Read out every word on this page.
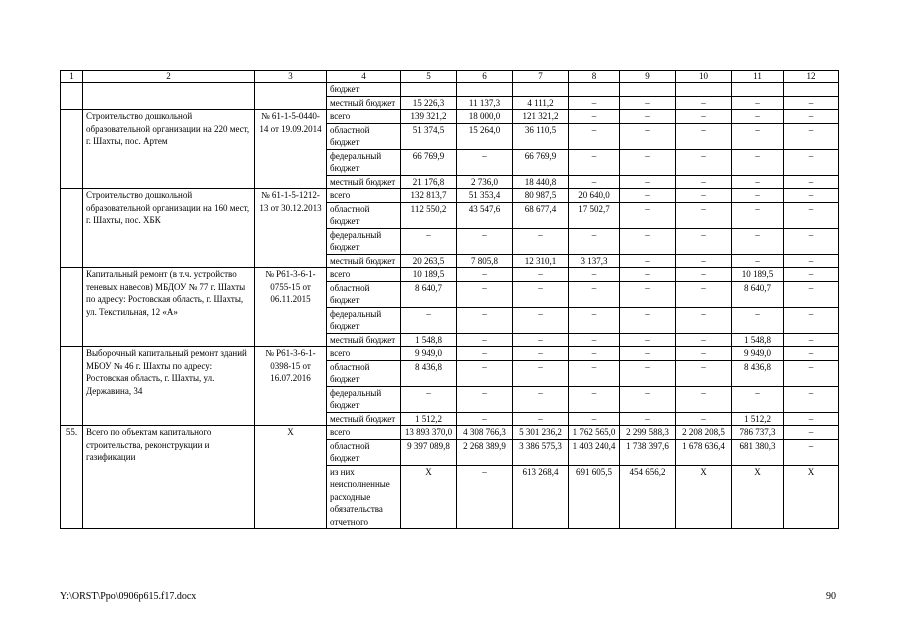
1	2	3	4	5	6	7	8	9	10	11	12
			бюджет								
			местный бюджет	15 226,3	11 137,3	4 111,2	–	–	–	–	–
	Строительство дошкольной образовательной организации на 220 мест, г. Шахты, пос. Артем	№ 61-1-5-0440-14 от 19.09.2014	всего	139 321,2	18 000,0	121 321,2	–	–	–	–	–
			областной бюджет	51 374,5	15 264,0	36 110,5	–	–	–	–	–
			федеральный бюджет	66 769,9	–	66 769,9	–	–	–	–	–
			местный бюджет	21 176,8	2 736,0	18 440,8	–	–	–	–	–
	Строительство дошкольной образовательной организации на 160 мест, г. Шахты, пос. ХБК	№ 61-1-5-1212-13 от 30.12.2013	всего	132 813,7	51 353,4	80 987,5	20 640,0	–	–	–	–
			областной бюджет	112 550,2	43 547,6	68 677,4	17 502,7	–	–	–	–
			федеральный бюджет	–	–	–	–	–	–	–	–
			местный бюджет	20 263,5	7 805,8	12 310,1	3 137,3	–	–	–	–
	Капитальный ремонт (в т.ч. устройство теневых навесов) МБДОУ № 77 г. Шахты по адресу: Ростовская область, г. Шахты, ул. Текстильная, 12 «А»	№ Р61-3-6-1-0755-15 от 06.11.2015	всего	10 189,5	–	–	–	–	–	10 189,5	–
			областной бюджет	8 640,7	–	–	–	–	–	8 640,7	–
			федеральный бюджет	–	–	–	–	–	–	–	–
			местный бюджет	1 548,8	–	–	–	–	–	1 548,8	–
	Выборочный капитальный ремонт зданий МБОУ № 46 г. Шахты по адресу: Ростовская область, г. Шахты, ул. Державина, 34	№ Р61-3-6-1-0398-15 от 16.07.2016	всего	9 949,0	–	–	–	–	–	9 949,0	–
			областной бюджет	8 436,8	–	–	–	–	–	8 436,8	–
			федеральный бюджет	–	–	–	–	–	–	–	–
			местный бюджет	1 512,2	–	–	–	–	–	1 512,2	–
55.	Всего по объектам капитального строительства, реконструкции и газификации	Х	всего	13 893 370,0	4 308 766,3	5 301 236,2	1 762 565,0	2 299 588,3	2 208 208,5	786 737,3	–
			областной бюджет	9 397 089,8	2 268 389,9	3 386 575,3	1 403 240,4	1 738 397,6	1 678 636,4	681 380,3	–
			из них неисполненные расходные обязательства отчетного	Х	–	613 268,4	691 605,5	454 656,2	Х	Х	Х
Y:\ORST\Ppo\0906p615.f17.docx	90
